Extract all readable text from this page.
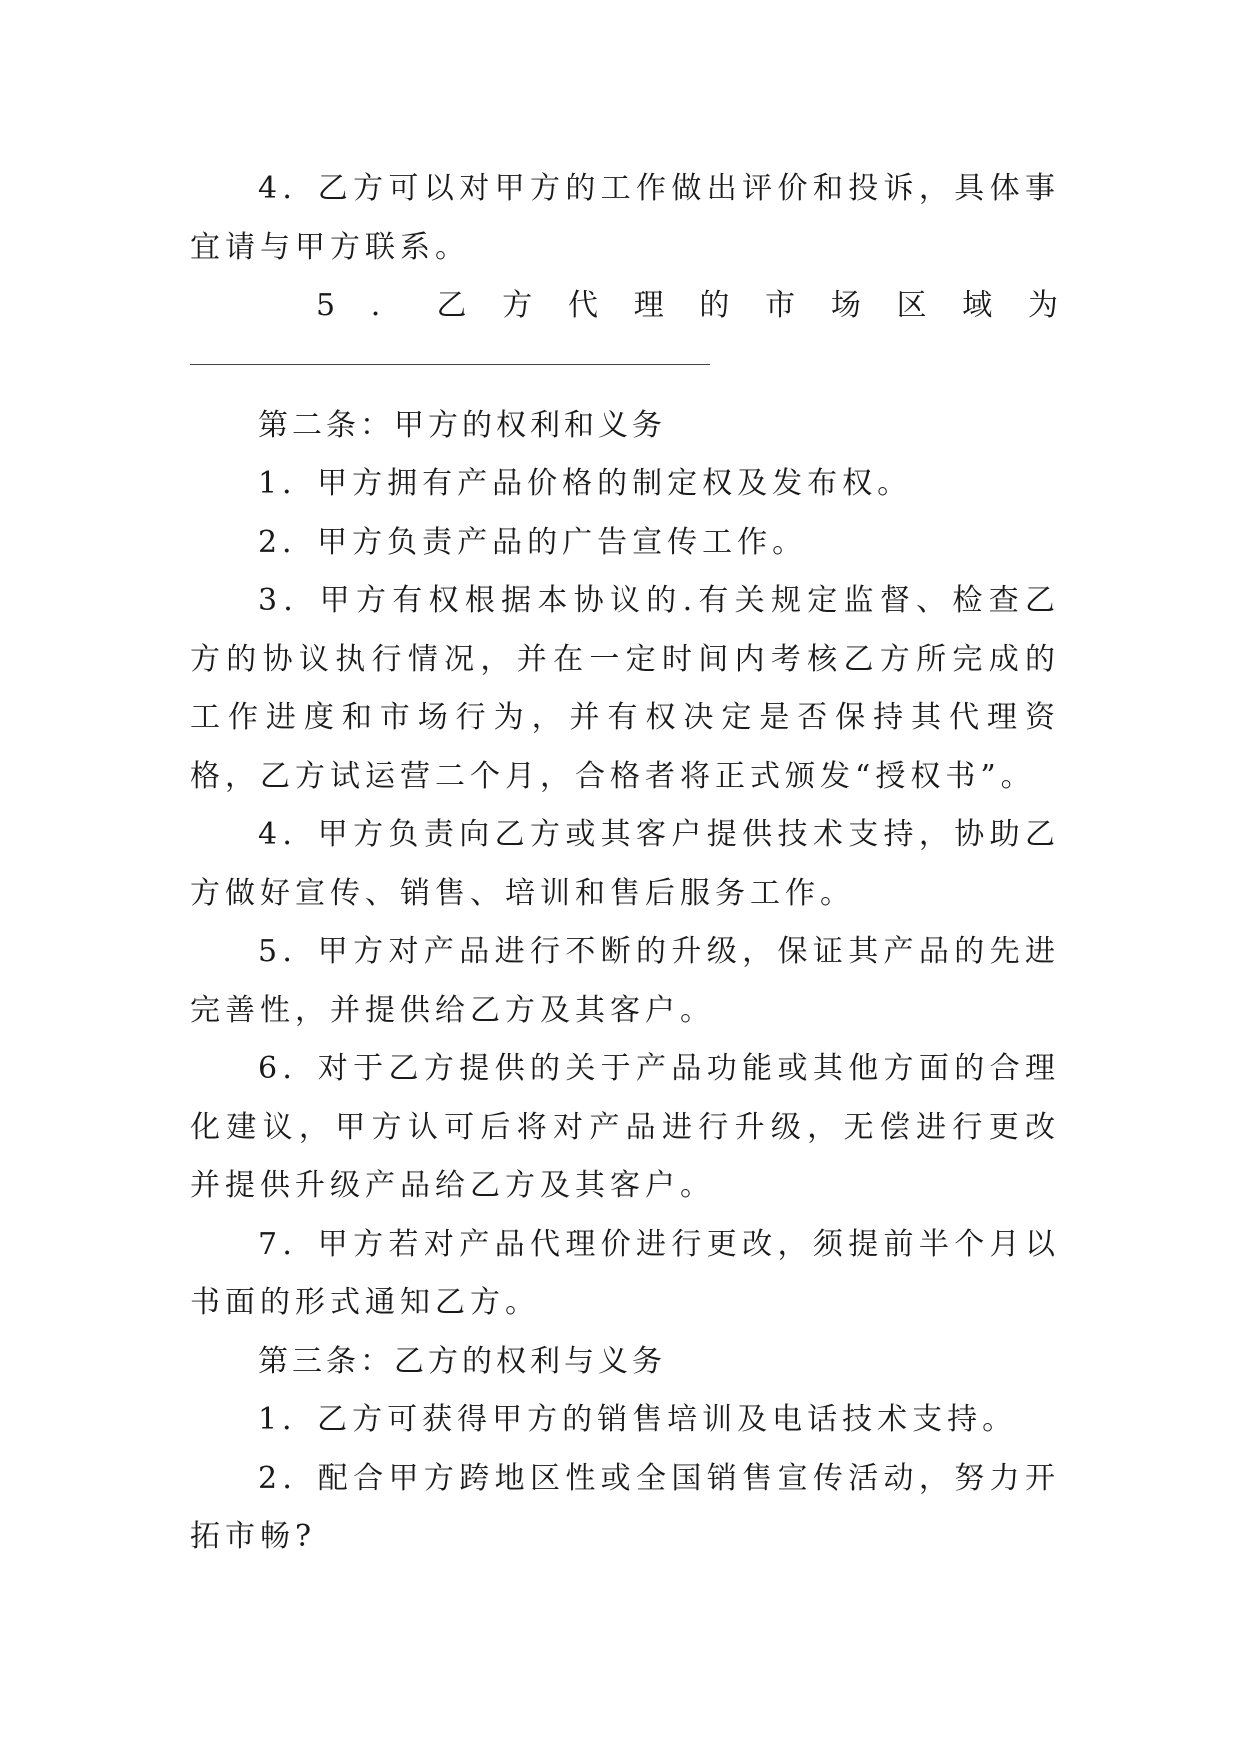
4．乙方可以对甲方的工作做出评价和投诉，具体事宜请与甲方联系。

5 ． 乙 方 代 理 的 市 场 区 域 为

第二条：甲方的权利和义务

1．甲方拥有产品价格的制定权及发布权。

2．甲方负责产品的广告宣传工作。

3．甲方有权根据本协议的.有关规定监督、检查乙方的协议执行情况，并在一定时间内考核乙方所完成的工作进度和市场行为，并有权决定是否保持其代理资格，乙方试运营二个月，合格者将正式颁发“授权书”。

4．甲方负责向乙方或其客户提供技术支持，协助乙方做好宣传、销售、培训和售后服务工作。

5．甲方对产品进行不断的升级，保证其产品的先进完善性，并提供给乙方及其客户。

6．对于乙方提供的关于产品功能或其他方面的合理化建议，甲方认可后将对产品进行升级，无偿进行更改并提供升级产品给乙方及其客户。

7．甲方若对产品代理价进行更改，须提前半个月以书面的形式通知乙方。

第三条：乙方的权利与义务

1．乙方可获得甲方的销售培训及电话技术支持。

2．配合甲方跨地区性或全国销售宣传活动，努力开拓市畅?
